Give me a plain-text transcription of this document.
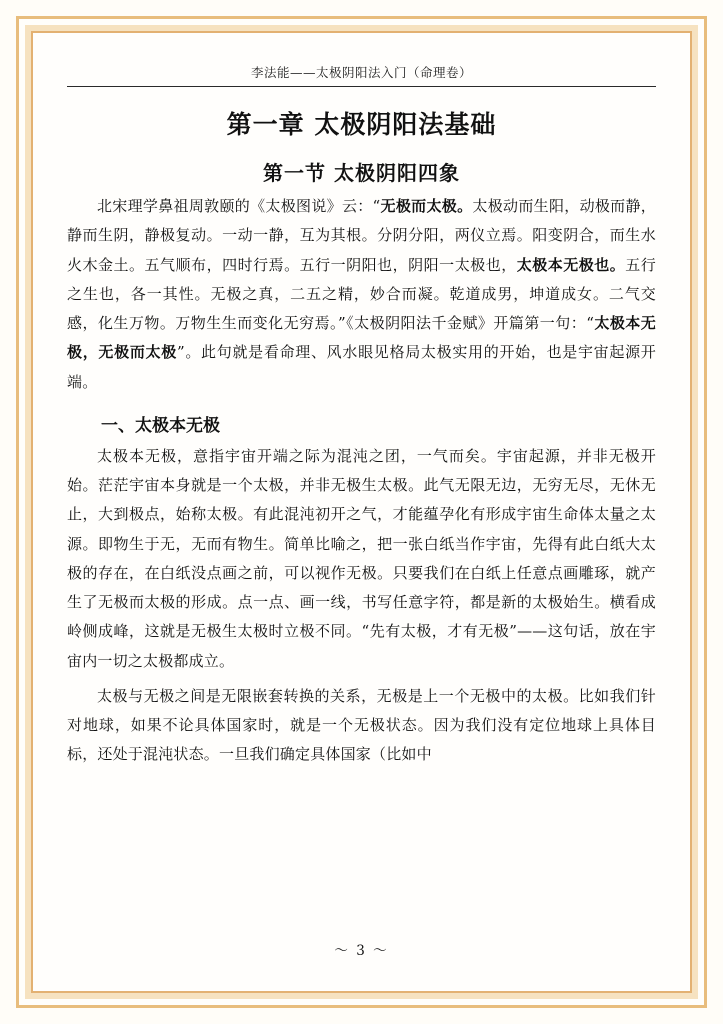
李法能——太极阴阳法入门（命理卷）
第一章 太极阴阳法基础
第一节 太极阴阳四象

北宋理学鼻祖周敦颐的《太极图说》云：“无极而太极。太极动而生阳，动极而静，静而生阴，静极复动。一动一静，互为其根。分阴分阳，两仪立焉。阳变阴合，而生水火木金土。五气顺布，四时行焉。五行一阴阳也，阴阳一太极也，太极本无极也。五行之生也，各一其性。无极之真，二五之精，妙合而凝。乾道成男，坤道成女。二气交感，化生万物。万物生生而变化无穷焉。”《太极阴阳法千金赋》开篇第一句：“太极本无极，无极而太极”。此句就是看命理、风水眼见格局太极实用的开始，也是宇宙起源开端。

一、太极本无极

太极本无极，意指宇宙开端之际为混沌之团，一气而矣。宇宙起源，并非无极开始。茫茫宇宙本身就是一个太极，并非无极生太极。此气无限无边，无穷无尽，无休无止，大到极点，始称太极。有此混沌初开之气，才能蕴孕化有形成宇宙生命体太量之太源。即物生于无，无而有物生。简单比喻之，把一张白纸当作宇宙，先得有此白纸大太极的存在，在白纸没点画之前，可以视作无极。只要我们在白纸上任意点画雕琢，就产生了无极而太极的形成。点一点、画一线，书写任意字符，都是新的太极始生。横看成岭侧成峰，这就是无极生太极时立极不同。“先有太极，才有无极”——这句话，放在宇宙内一切之太极都成立。

太极与无极之间是无限嵌套转换的关系，无极是上一个无极中的太极。比如我们针对地球，如果不论具体国家时，就是一个无极状态。因为我们没有定位地球上具体目标，还处于混沌状态。一旦我们确定具体国家（比如中

～ 3 ～
